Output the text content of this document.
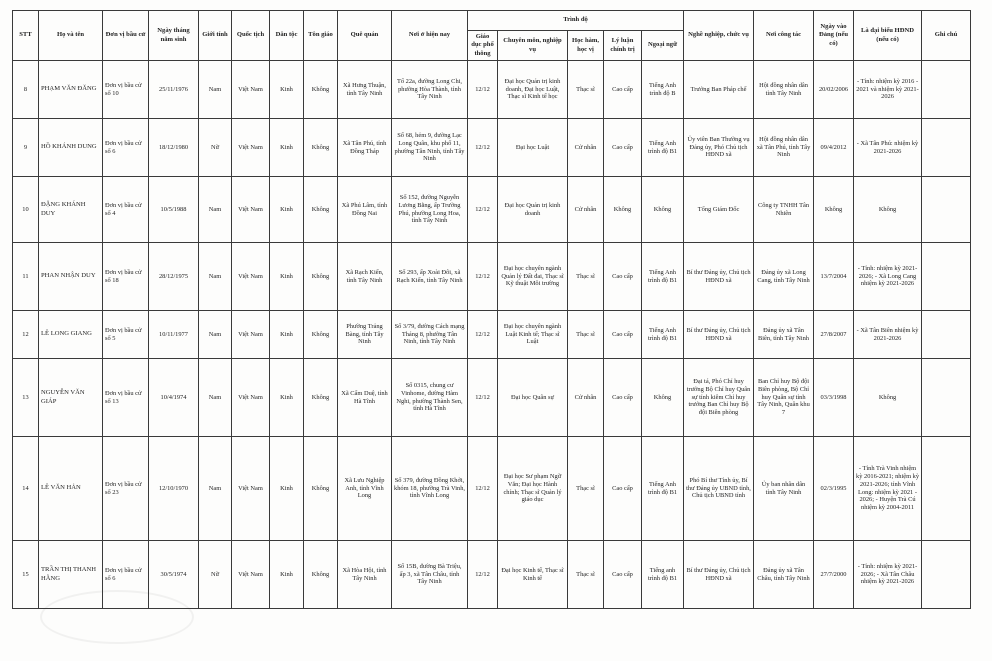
STT	Họ và tên	Đơn vị bầu cử	Ngày tháng năm sinh	Giới tính	Quốc tịch	Dân tộc	Tôn giáo	Quê quán	Nơi ở hiện nay	Trình độ					Nghề nghiệp, chức vụ	Nơi công tác	Ngày vào Đảng (nếu có)	Là đại biểu HĐND (nếu có)	Ghi chú
										Giáo dục phổ thông	Chuyên môn, nghiệp vụ	Học hàm, học vị	Lý luận chính trị	Ngoại ngữ					
8	PHẠM VĂN ĐĂNG	Đơn vị bầu cử số 10	25/11/1976	Nam	Việt Nam	Kinh	Không	Xã Hưng Thuận, tỉnh Tây Ninh	Tổ 22a, đường Long Chi, phường Hòa Thành, tỉnh Tây Ninh	12/12	Đại học Quản trị kinh doanh, Đại học Luật, Thạc sĩ Kinh tế học	Thạc sĩ	Cao cấp	Tiếng Anh trình độ B	Trưởng Ban Pháp chế	Hội đồng nhân dân tỉnh Tây Ninh	20/02/2006	- Tỉnh: nhiệm kỳ 2016 - 2021 và nhiệm kỳ 2021-2026	
9	HỒ KHÁNH DUNG	Đơn vị bầu cử số 6	18/12/1980	Nữ	Việt Nam	Kinh	Không	Xã Tân Phú, tỉnh Đồng Tháp	Số 68, hẻm 9, đường Lạc Long Quân, khu phố 11, phường Tân Ninh, tỉnh Tây Ninh	12/12	Đại học Luật	Cử nhân	Cao cấp	Tiếng Anh trình độ B1	Ủy viên Ban Thường vụ Đảng ủy, Phó Chủ tịch HĐND xã	Hội đồng nhân dân xã Tân Phú, tỉnh Tây Ninh	09/4/2012	- Xã Tân Phú: nhiệm kỳ 2021-2026	
10	ĐẶNG KHÁNH DUY	Đơn vị bầu cử số 4	10/5/1988	Nam	Việt Nam	Kinh	Không	Xã Phú Lâm, tỉnh Đồng Nai	Số 152, đường Nguyễn Lương Bằng, ấp Trường Phú, phường Long Hoa, tỉnh Tây Ninh	12/12	Đại học Quản trị kinh doanh	Cử nhân	Không	Không	Tổng Giám Đốc	Công ty TNHH Tân Nhiên	Không	Không	
11	PHAN NHẬN DUY	Đơn vị bầu cử số 18	28/12/1975	Nam	Việt Nam	Kinh	Không	Xã Rạch Kiến, tỉnh Tây Ninh	Số 293, ấp Xoài Đôi, xã Rạch Kiến, tỉnh Tây Ninh	12/12	Đại học chuyên ngành Quản lý Đất đai, Thạc sĩ Kỹ thuật Môi trường	Thạc sĩ	Cao cấp	Tiếng Anh trình độ B1	Bí thư Đảng ủy, Chủ tịch HĐND xã	Đảng ủy xã Long Cang, tỉnh Tây Ninh	13/7/2004	- Tỉnh: nhiệm kỳ 2021-2026; - Xã Long Cang nhiệm kỳ 2021-2026	
12	LÊ LONG GIANG	Đơn vị bầu cử số 5	10/11/1977	Nam	Việt Nam	Kinh	Không	Phường Trảng Bàng, tỉnh Tây Ninh	Số 3/79, đường Cách mạng Tháng 8, phường Tân Ninh, tỉnh Tây Ninh	12/12	Đại học chuyên ngành Luật Kinh tế; Thạc sĩ Luật	Thạc sĩ	Cao cấp	Tiếng Anh trình độ B1	Bí thư Đảng ủy, Chủ tịch HĐND xã	Đảng ủy xã Tân Biên, tỉnh Tây Ninh	27/8/2007	- Xã Tân Biên nhiệm kỳ 2021-2026	
13	NGUYỄN VĂN GIÁP	Đơn vị bầu cử số 13	10/4/1974	Nam	Việt Nam	Kinh	Không	Xã Cẩm Duệ, tỉnh Hà Tĩnh	Số 0315, chung cư Vinhome, đường Hàm Nghi, phường Thành Sen, tỉnh Hà Tĩnh	12/12	Đại học Quân sự	Cử nhân	Cao cấp	Không	Đại tá, Phó Chỉ huy trưởng Bộ Chỉ huy Quân sự tỉnh kiêm Chỉ huy trưởng Ban Chỉ huy Bộ đội Biên phòng	Ban Chỉ huy Bộ đội Biên phòng, Bộ Chỉ huy Quân sự tỉnh Tây Ninh, Quân khu 7	03/3/1998	Không	
14	LÊ VĂN HẢN	Đơn vị bầu cử số 23	12/10/1970	Nam	Việt Nam	Kinh	Không	Xã Lưu Nghiệp Anh, tỉnh Vĩnh Long	Số 379, đường Đồng Khởi, khóm 18, phường Trà Vinh, tỉnh Vĩnh Long	12/12	Đại học Sư phạm Ngữ Văn; Đại học Hành chính; Thạc sĩ Quản lý giáo dục	Thạc sĩ	Cao cấp	Tiếng Anh trình độ B1	Phó Bí thư Tỉnh ủy, Bí thư Đảng ủy UBND tỉnh, Chủ tịch UBND tỉnh	Ủy ban nhân dân tỉnh Tây Ninh	02/3/1995	- Tỉnh Trà Vinh nhiệm kỳ 2016-2021; nhiệm kỳ 2021-2026; tỉnh Vĩnh Long: nhiệm kỳ 2021 - 2026; - Huyện Trà Cú nhiệm kỳ 2004-2011	
15	TRẦN THỊ THANH HẰNG	Đơn vị bầu cử số 6	30/5/1974	Nữ	Việt Nam	Kinh	Không	Xã Hòa Hội, tỉnh Tây Ninh	Số 15B, đường Bà Triệu, ấp 3, xã Tân Châu, tỉnh Tây Ninh	12/12	Đại học Kinh tế, Thạc sĩ Kinh tế	Thạc sĩ	Cao cấp	Tiếng anh trình độ B1	Bí thư Đảng ủy, Chủ tịch HĐND xã	Đảng ủy xã Tân Châu, tỉnh Tây Ninh	27/7/2000	- Tỉnh: nhiệm kỳ 2021-2026; - Xã Tân Châu nhiệm kỳ 2021-2026	
